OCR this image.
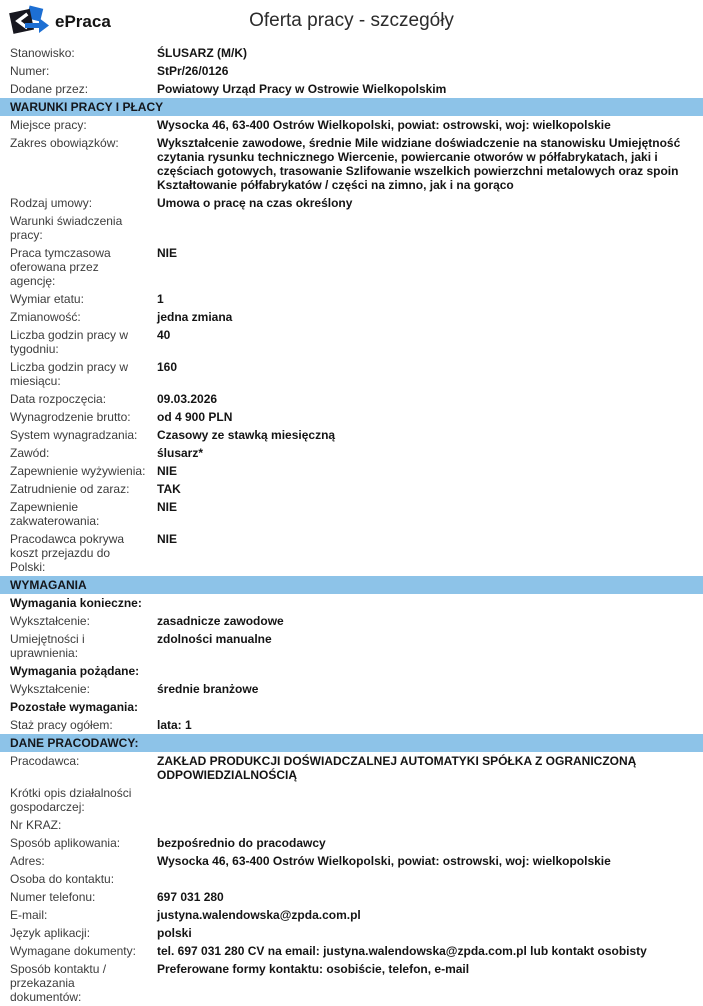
ePraca	Oferta pracy - szczegóły
Stanowisko:	ŚLUSARZ (M/K)
Numer:	StPr/26/0126
Dodane przez:	Powiatowy Urząd Pracy w Ostrowie Wielkopolskim
WARUNKI PRACY I PŁACY
Miejsce pracy:	Wysocka 46, 63-400 Ostrów Wielkopolski, powiat: ostrowski, woj: wielkopolskie
Zakres obowiązków:	Wykształcenie zawodowe, średnie Mile widziane doświadczenie na stanowisku Umiejętność czytania rysunku technicznego Wiercenie, powiercanie otworów w półfabrykatach, jaki i częściach gotowych, trasowanie Szlifowanie wszelkich powierzchni metalowych oraz spoin Kształtowanie półfabrykatów / części na zimno, jak i na gorąco
Rodzaj umowy:	Umowa o pracę na czas określony
Warunki świadczenia pracy:
Praca tymczasowa oferowana przez agencję:
NIE
Wymiar etatu:	1
Zmianowość:	jedna zmiana
Liczba godzin pracy w tygodniu:
40
Liczba godzin pracy w miesiącu:
160
Data rozpoczęcia:	09.03.2026
Wynagrodzenie brutto:	od 4 900 PLN
System wynagradzania:	Czasowy ze stawką miesięczną
Zawód:	ślusarz*
Zapewnienie wyżywienia: NIE
Zatrudnienie od zaraz:	TAK
Zapewnienie zakwaterowania:
NIE
Pracodawca pokrywa koszt przejazdu do Polski:
NIE
WYMAGANIA
Wymagania konieczne:
Wykształcenie:	zasadnicze zawodowe
Umiejętności i uprawnienia:
zdolności manualne
Wymagania pożądane:
Wykształcenie:	średnie branżowe
Pozostałe wymagania:
Staż pracy ogółem:	lata: 1
DANE PRACODAWCY:
Pracodawca:	ZAKŁAD PRODUKCJI DOŚWIADCZALNEJ AUTOMATYKI SPÓŁKA Z OGRANICZONĄ ODPOWIEDZIALNOŚCIĄ
Krótki opis działalności gospodarczej:
Nr KRAZ:
Sposób aplikowania:	bezpośrednio do pracodawcy
Adres:	Wysocka 46, 63-400 Ostrów Wielkopolski, powiat: ostrowski, woj: wielkopolskie
Osoba do kontaktu:
Numer telefonu:	697 031 280
E-mail:	justyna.walendowska@zpda.com.pl
Język aplikacji:	polski
Wymagane dokumenty:	tel. 697 031 280 CV na email: justyna.walendowska@zpda.com.pl lub kontakt osobisty
Sposób kontaktu / przekazania dokumentów:
Preferowane formy kontaktu: osobiście, telefon, e-mail
